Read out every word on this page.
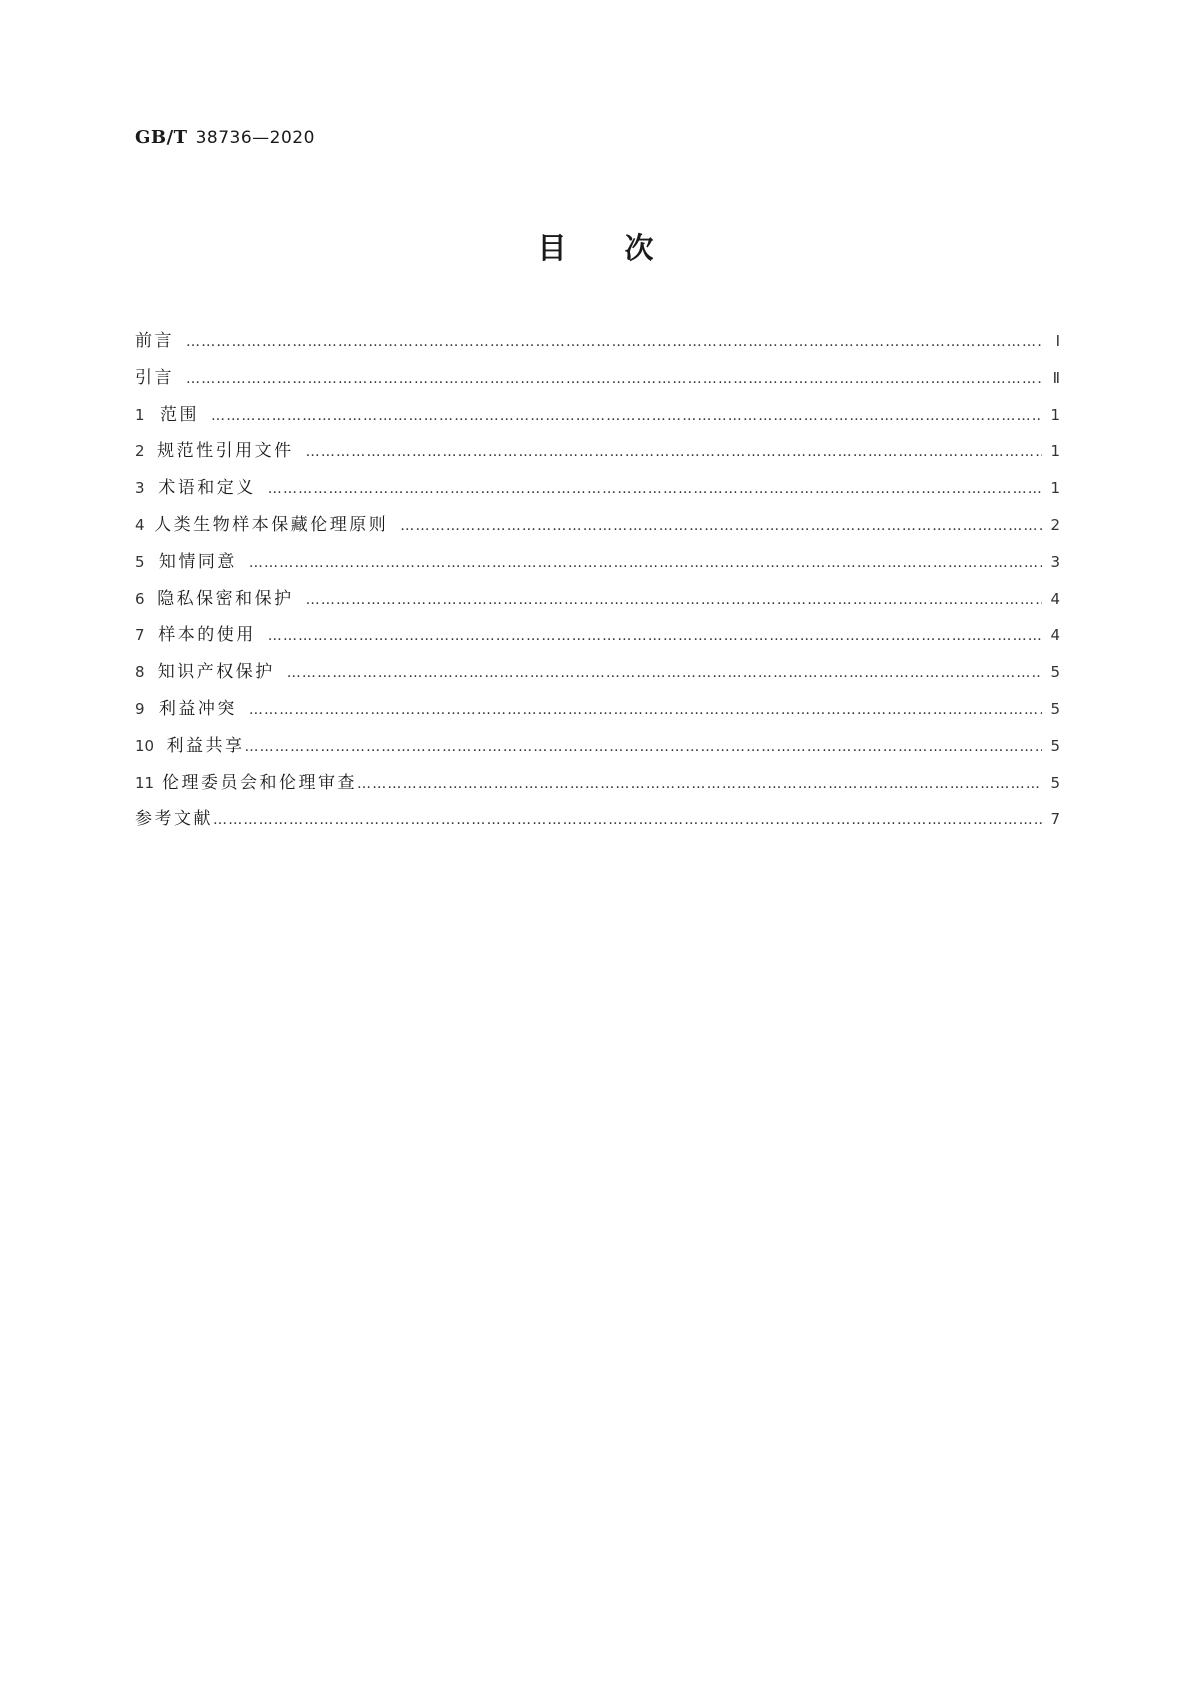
GB/T 38736—2020
目 次
前言 …………………………………………………………………………………………………………………………………………………………………………………………	Ⅰ
引言 …………………………………………………………………………………………………………………………………………………………………………………………	Ⅱ
1 范围 …………………………………………………………………………………………………………………………………………………………………………………………	1
2 规范性引用文件 …………………………………………………………………………………………………………………………………………………………………………………………	1
3 术语和定义 …………………………………………………………………………………………………………………………………………………………………………………………	1
4 人类生物样本保藏伦理原则 …………………………………………………………………………………………………………………………………………………………………………………………	2
5 知情同意 …………………………………………………………………………………………………………………………………………………………………………………………	3
6 隐私保密和保护 …………………………………………………………………………………………………………………………………………………………………………………………	4
7 样本的使用 …………………………………………………………………………………………………………………………………………………………………………………………	4
8 知识产权保护 …………………………………………………………………………………………………………………………………………………………………………………………	5
9 利益冲突 …………………………………………………………………………………………………………………………………………………………………………………………	5
10 利益共享 …………………………………………………………………………………………………………………………………………………………………………………………	5
11 伦理委员会和伦理审查 …………………………………………………………………………………………………………………………………………………………………………………………	5
参考文献 …………………………………………………………………………………………………………………………………………………………………………………………	7
